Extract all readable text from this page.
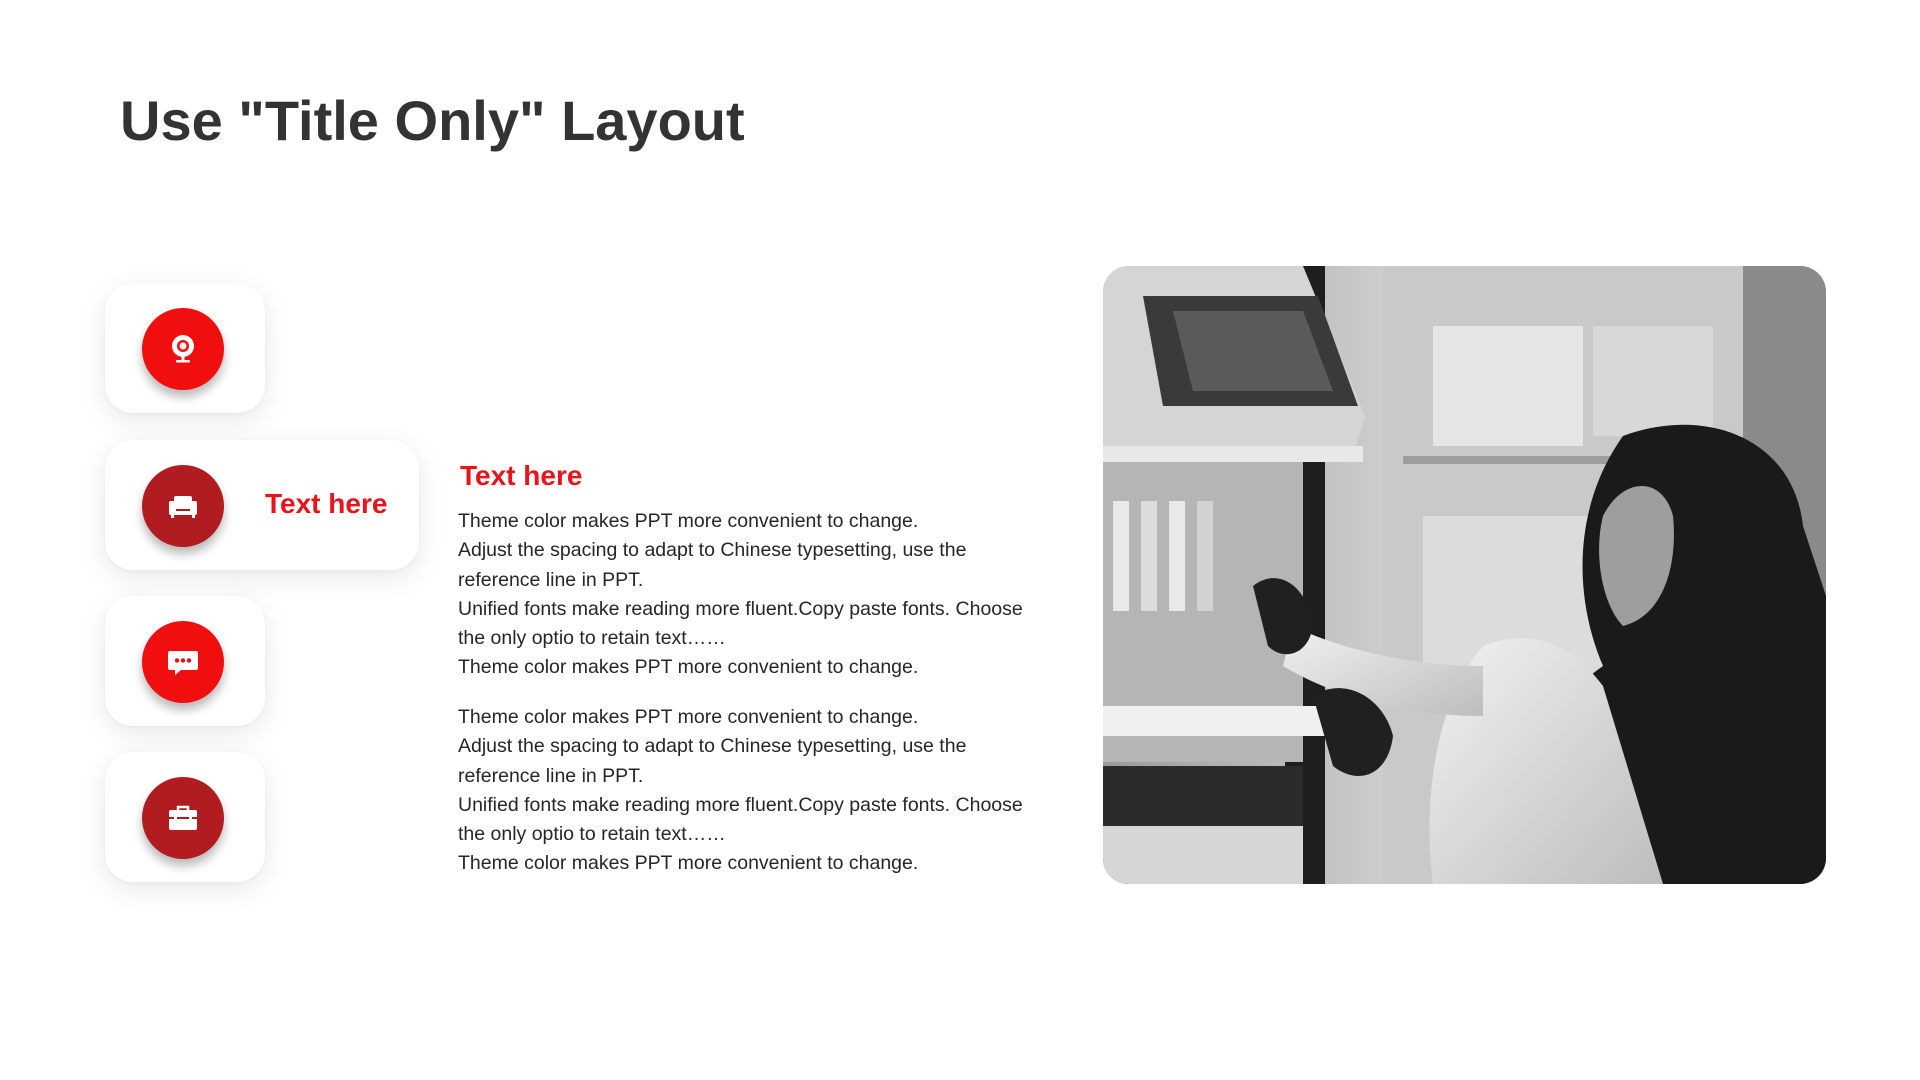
Use "Title Only" Layout
Text here
Text here
Theme color makes PPT more convenient to change.
Adjust the spacing to adapt to Chinese typesetting, use the reference line in PPT.
Unified fonts make reading more fluent.Copy paste fonts. Choose the only optio to retain text……
Theme color makes PPT more convenient to change.
Theme color makes PPT more convenient to change.
Adjust the spacing to adapt to Chinese typesetting, use the reference line in PPT.
Unified fonts make reading more fluent.Copy paste fonts. Choose the only optio to retain text……
Theme color makes PPT more convenient to change.
